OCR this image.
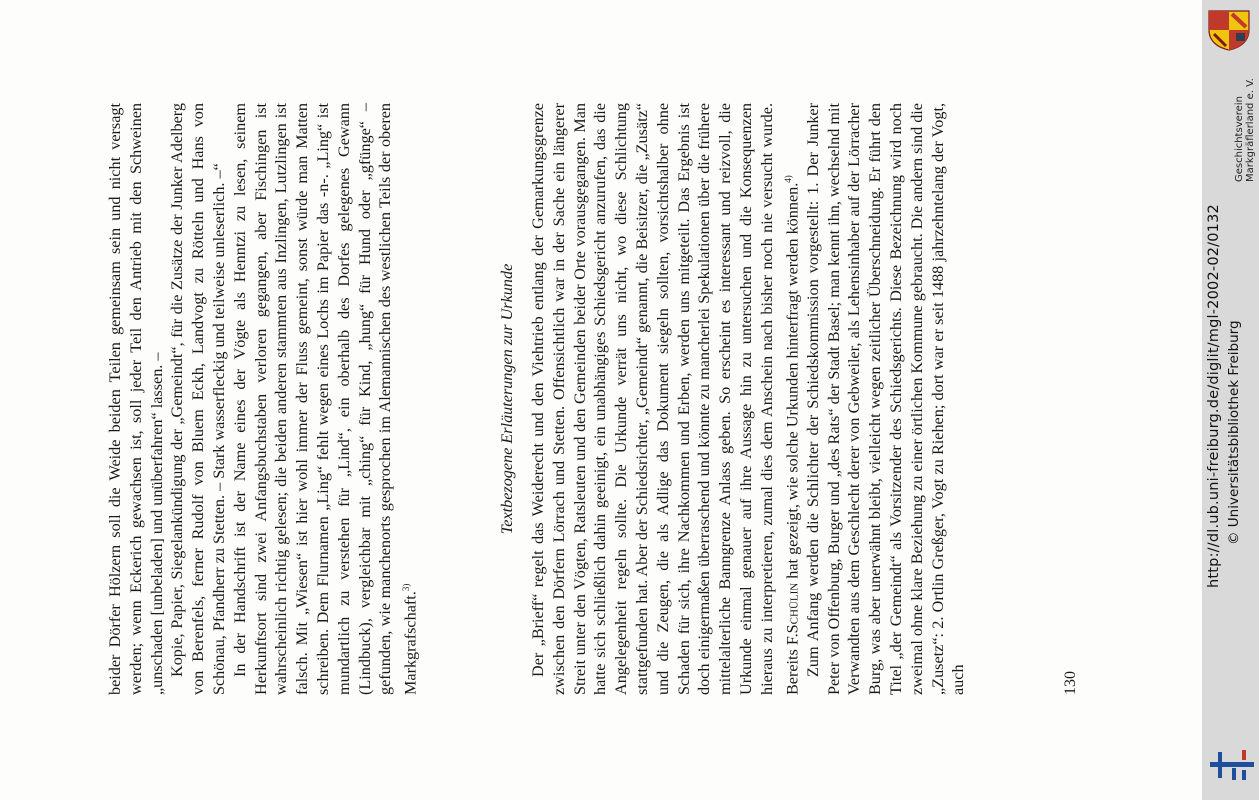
beider Dörfer Hölzern soll die Weide beiden Teilen gemeinsam sein und nicht versagt werden; wenn Eckerich gewachsen ist, soll jeder Teil den Antrieb mit den Schweinen „unschaden [unbeladen] und unüberfahren“ lassen. – Kopie, Papier, Siegelankündigung der „Gemeindt“, für die Zusätze der Junker Adelberg von Berenfels, ferner Rudolf von Bluem Eckh, Landvogt zu Rötteln und Hans von Schönau, Pfandherr zu Stetten. – Stark wasserfleckig und teilweise unleserlich. –“ In der Handschrift ist der Name eines der Vögte als Henntzi zu lesen, seinem Herkunftsort sind zwei Anfangsbuchstaben verloren gegangen, aber Fischingen ist wahrscheinlich richtig gelesen; die beiden anderen stammten aus Inzlingen, Lutzlingen ist falsch. Mit „Wiesen“ ist hier wohl immer der Fluss gemeint, sonst würde man Matten schreiben. Dem Flurnamen „Ling“ fehlt wegen eines Lochs im Papier das -n-. „Ling“ ist mundartlich zu verstehen für „Lind“, ein oberhalb des Dorfes gelegenes Gewann (Lindbuck), vergleichbar mit „ching“ für Kind, „hung“ für Hund oder „gfünge“ – gefunden, wie manchenorts gesprochen im Alemannischen des westlichen Teils der oberen Markgrafschaft.$^{3)}$

Textbezogene Erläuterungen zur Urkunde Der „Brieff“ regelt das Weiderecht und den Viehtrieb entlang der Gemarkungsgrenze zwischen den Dörfern Lörrach und Stetten. Offensichtlich war in der Sache ein längerer Streit unter den Vögten, Ratsleuten und den Gemeinden beider Orte vorausgegangen. Man hatte sich schließlich dahin geeinigt, ein unabhängiges Schiedsgericht anzurufen, das die Angelegenheit regeln sollte. Die Urkunde verrät uns nicht, wo diese Schlichtung stattgefunden hat. Aber der Schiedsrichter, „Gemeindt“ genannt, die Beisitzer, die „Zusätz“ und die Zeugen, die als Adlige das Dokument siegeln sollten, vorsichtshalber ohne Schaden für sich, ihre Nachkommen und Erben, werden uns mitgeteilt. Das Ergebnis ist doch einigermaßen überraschend und könnte zu mancherlei Spekulationen über die frühere mittelalterliche Banngrenze Anlass geben. So erscheint es interessant und reizvoll, die Urkunde einmal genauer auf ihre Aussage hin zu untersuchen und die Konsequenzen hieraus zu interpretieren, zumal dies dem Anschein nach bisher noch nie versucht wurde. Bereits F.Schülin hat gezeigt, wie solche Urkunden hinterfragt werden können.$^{4)}$ Zum Anfang werden die Schlichter der Schiedskommission vorgestellt: 1. Der Junker Peter von Offenburg, Burger und „des Rats“ der Stadt Basel; man kennt ihn, wechselnd mit Verwandten aus dem Geschlecht derer von Gebweiler, als Lehensinhaber auf der Lörracher Burg, was aber unerwähnt bleibt, vielleicht wegen zeitlicher Überschneidung. Er führt den Titel „der Gemeindt“ als Vorsitzender des Schiedsgerichts. Diese Bezeichnung wird noch zweimal ohne klare Beziehung zu einer örtlichen Kommune gebraucht. Die andern sind die „Zusetz“: 2. Ortlin Greßger, Vogt zu Riehen; dort war er seit 1488 jahrzehntelang der Vogt, auch	130
http://dl.ub.uni-freiburg.de/diglit/mgl-2002-02/0132 © Universitätsbibliothek Freiburg
Geschichtsverein Markgräflerland e. V.
